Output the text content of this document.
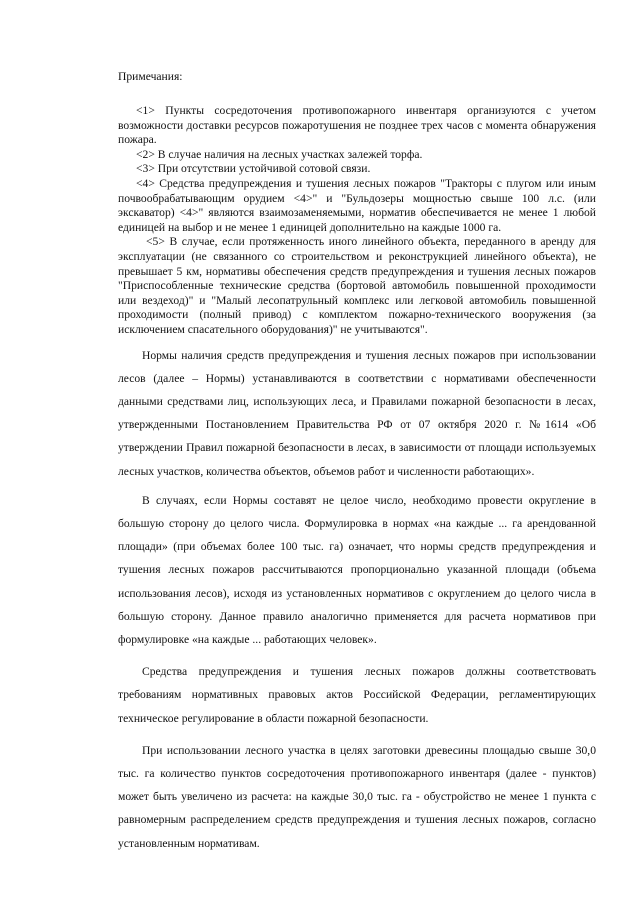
Примечания:

<1> Пункты сосредоточения противопожарного инвентаря организуются с учетом возможности доставки ресурсов пожаротушения не позднее трех часов с момента обнаружения пожара.

<2> В случае наличия на лесных участках залежей торфа.

<3> При отсутствии устойчивой сотовой связи.

<4> Средства предупреждения и тушения лесных пожаров "Тракторы с плугом или иным почвообрабатывающим орудием <4>" и "Бульдозеры мощностью свыше 100 л.с. (или экскаватор) <4>" являются взаимозаменяемыми, норматив обеспечивается не менее 1 любой единицей на выбор и не менее 1 единицей дополнительно на каждые 1000 га.

<5> В случае, если протяженность иного линейного объекта, переданного в аренду для эксплуатации (не связанного со строительством и реконструкцией линейного объекта), не превышает 5 км, нормативы обеспечения средств предупреждения и тушения лесных пожаров "Приспособленные технические средства (бортовой автомобиль повышенной проходимости или вездеход)" и "Малый лесопатрульный комплекс или легковой автомобиль повышенной проходимости (полный привод) с комплектом пожарно-технического вооружения (за исключением спасательного оборудования)" не учитываются".

Нормы наличия средств предупреждения и тушения лесных пожаров при использовании лесов (далее – Нормы) устанавливаются в соответствии с нормативами обеспеченности данными средствами лиц, использующих леса, и Правилами пожарной безопасности в лесах, утвержденными Постановлением Правительства РФ от 07 октября 2020 г. №1614 «Об утверждении Правил пожарной безопасности в лесах, в зависимости от площади используемых лесных участков, количества объектов, объемов работ и численности работающих».

В случаях, если Нормы составят не целое число, необходимо провести округление в большую сторону до целого числа. Формулировка в нормах «на каждые ... га арендованной площади» (при объемах более 100 тыс. га) означает, что нормы средств предупреждения и тушения лесных пожаров рассчитываются пропорционально указанной площади (объема использования лесов), исходя из установленных нормативов с округлением до целого числа в большую сторону. Данное правило аналогично применяется для расчета нормативов при формулировке «на каждые ... работающих человек».

Средства предупреждения и тушения лесных пожаров должны соответствовать требованиям нормативных правовых актов Российской Федерации, регламентирующих техническое регулирование в области пожарной безопасности.

При использовании лесного участка в целях заготовки древесины площадью свыше 30,0 тыс. га количество пунктов сосредоточения противопожарного инвентаря (далее - пунктов) может быть увеличено из расчета: на каждые 30,0 тыс. га - обустройство не менее 1 пункта с равномерным распределением средств предупреждения и тушения лесных пожаров, согласно установленным нормативам.
